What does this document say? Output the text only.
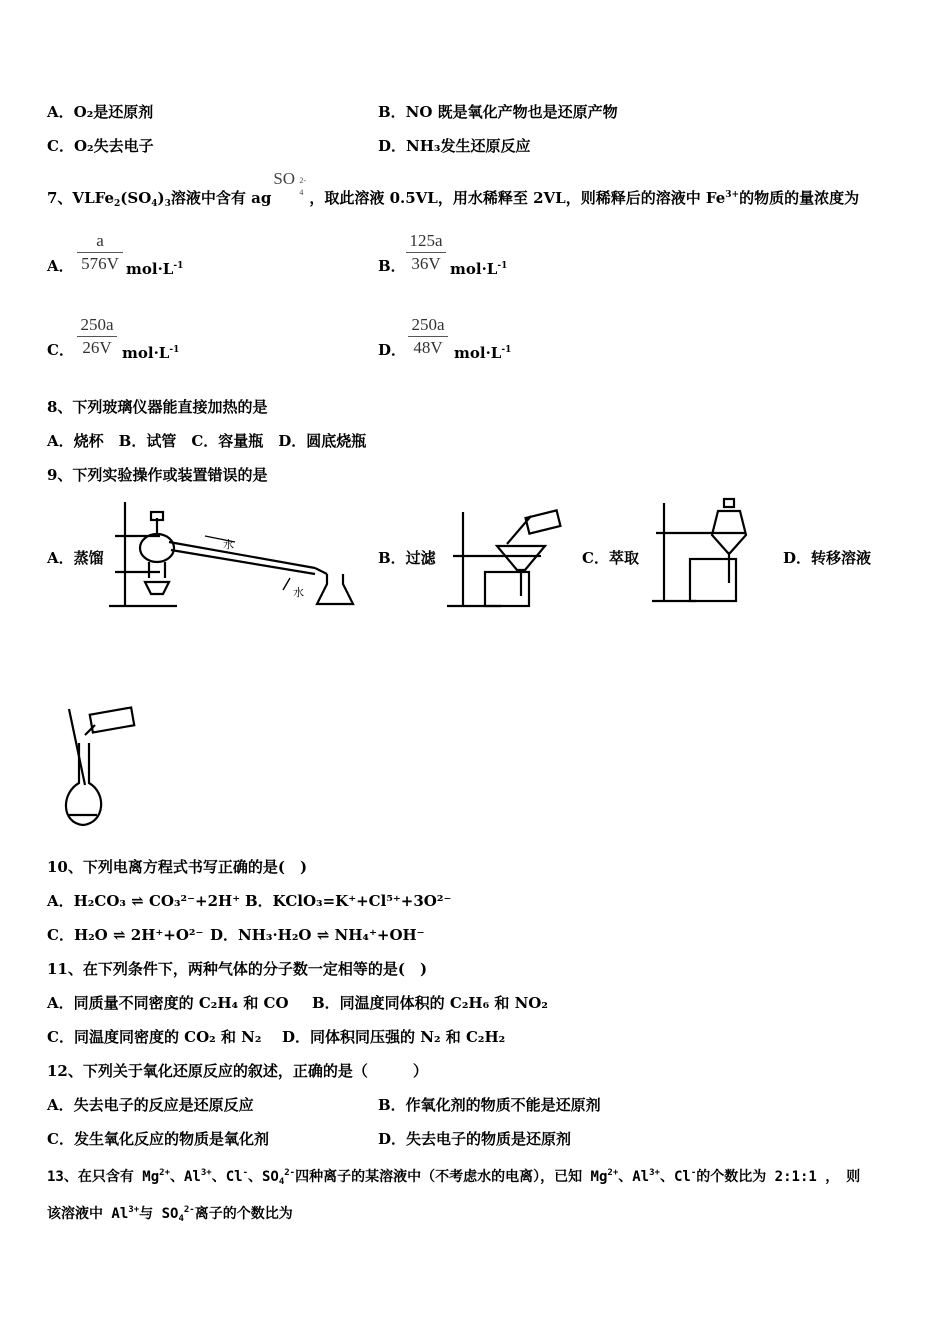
A．O₂是还原剂	B．NO 既是氧化产物也是还原产物
C．O₂失去电子	D．NH₃发生还原反应
7、$VLFe_2(SO_4)_3$溶液中含有 ag
SO 2-
4 ，取此溶液 0.5VL，用水稀释至 2VL，则稀释后的溶液中 $Fe^{3+}$的物质的量浓度为
A．
a
576V $mol\cdot L^{-1}$	B．
125a
36V $mol\cdot L^{-1}$
C．
250a
26V $mol\cdot L^{-1}$	D．
250a
48V $mol\cdot L^{-1}$
8、下列玻璃仪器能直接加热的是
A．烧杯　B．试管　C．容量瓶　D．圆底烧瓶
9、下列实验操作或装置错误的是
A．蒸馏	B．过滤	C．萃取	D．转移溶液
水
水
10、下列电离方程式书写正确的是(　)
A．H₂CO₃ ⇌ CO₃²⁻+2H⁺ B．KClO₃=K⁺+Cl⁵⁺+3O²⁻
C．H₂O ⇌ 2H⁺+O²⁻ D．NH₃·H₂O ⇌ NH₄⁺+OH⁻
11、在下列条件下，两种气体的分子数一定相等的是(　)
A．同质量不同密度的 C₂H₄ 和 CO B．同温度同体积的 C₂H₆ 和 NO₂
C．同温度同密度的 CO₂ 和 N₂ D．同体积同压强的 N₂ 和 C₂H₂
12、下列关于氧化还原反应的叙述，正确的是（　　　）
A．失去电子的反应是还原反应	B．作氧化剂的物质不能是还原剂
C．发生氧化反应的物质是氧化剂	D．失去电子的物质是还原剂
13、在只含有 $Mg^{2+}$、$Al^{3+}$、Cl-、$SO_4^{2-}$四种离子的某溶液中（不考虑水的电离），已知 $Mg^{2+}$、$Al^{3+}$、Cl-的个数比为 2:1:1 ，　则
该溶液中 $Al^{3+}$与 $SO_4^{2-}$离子的个数比为
